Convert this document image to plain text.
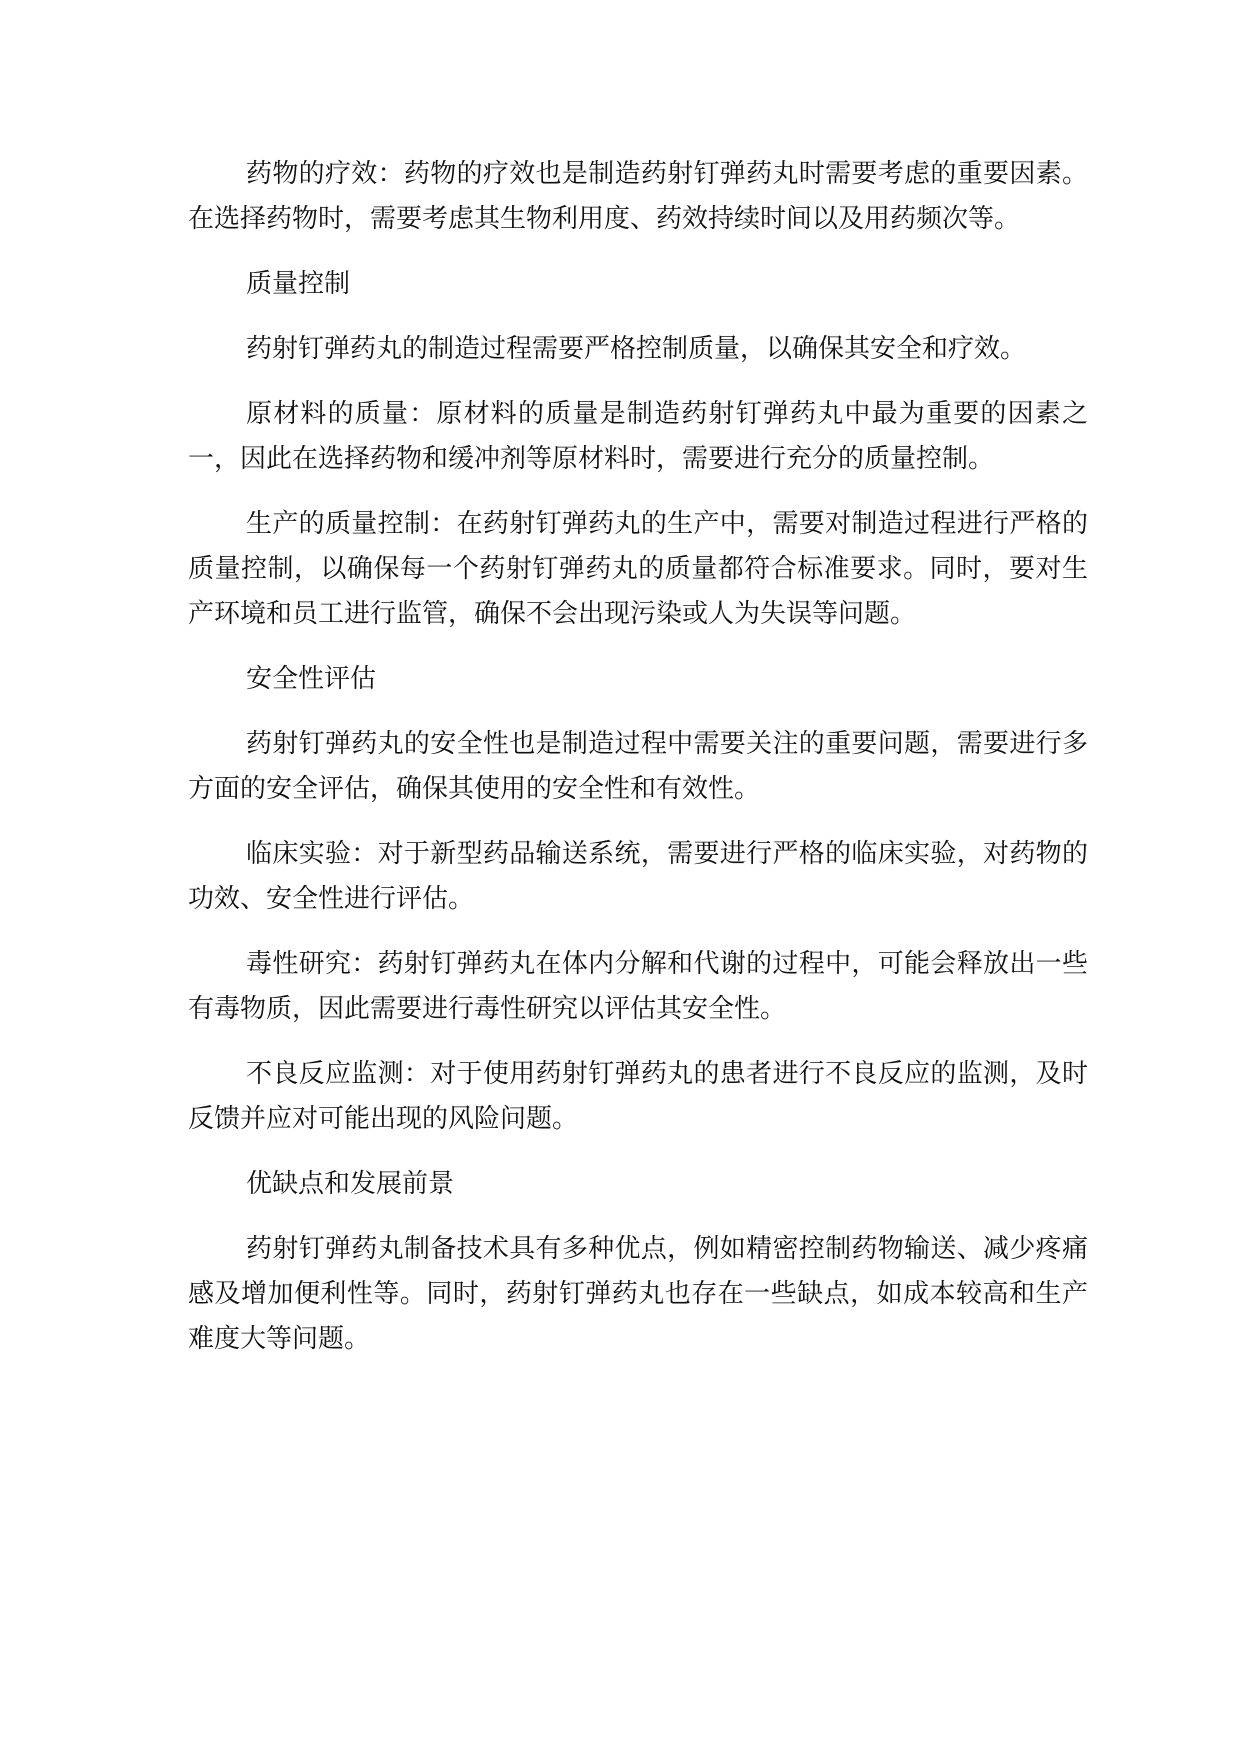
药物的疗效：药物的疗效也是制造药射钉弹药丸时需要考虑的重要因素。在选择药物时，需要考虑其生物利用度、药效持续时间以及用药频次等。

质量控制

药射钉弹药丸的制造过程需要严格控制质量，以确保其安全和疗效。

原材料的质量：原材料的质量是制造药射钉弹药丸中最为重要的因素之一，因此在选择药物和缓冲剂等原材料时，需要进行充分的质量控制。

生产的质量控制：在药射钉弹药丸的生产中，需要对制造过程进行严格的质量控制，以确保每一个药射钉弹药丸的质量都符合标准要求。同时，要对生产环境和员工进行监管，确保不会出现污染或人为失误等问题。

安全性评估

药射钉弹药丸的安全性也是制造过程中需要关注的重要问题，需要进行多方面的安全评估，确保其使用的安全性和有效性。

临床实验：对于新型药品输送系统，需要进行严格的临床实验，对药物的功效、安全性进行评估。

毒性研究：药射钉弹药丸在体内分解和代谢的过程中，可能会释放出一些有毒物质，因此需要进行毒性研究以评估其安全性。

不良反应监测：对于使用药射钉弹药丸的患者进行不良反应的监测，及时反馈并应对可能出现的风险问题。

优缺点和发展前景

药射钉弹药丸制备技术具有多种优点，例如精密控制药物输送、减少疼痛感及增加便利性等。同时，药射钉弹药丸也存在一些缺点，如成本较高和生产难度大等问题。
